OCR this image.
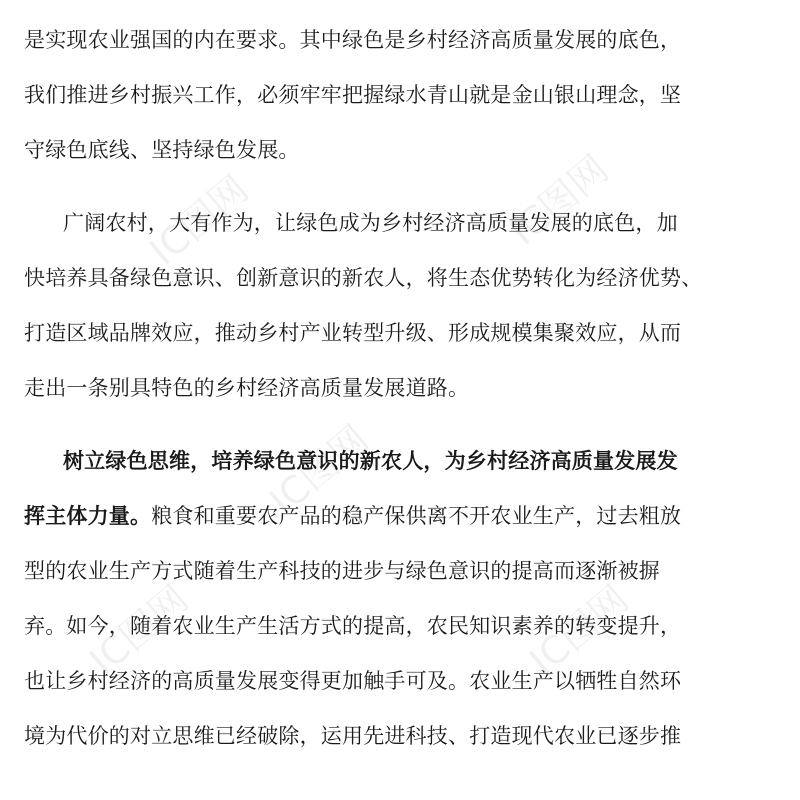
是实现农业强国的内在要求。其中绿色是乡村经济高质量发展的底色，
我们推进乡村振兴工作，必须牢牢把握绿水青山就是金山银山理念，坚
守绿色底线、坚持绿色发展。
广阔农村，大有作为，让绿色成为乡村经济高质量发展的底色，加
快培养具备绿色意识、创新意识的新农人，将生态优势转化为经济优势、
打造区域品牌效应，推动乡村产业转型升级、形成规模集聚效应，从而
走出一条别具特色的乡村经济高质量发展道路。
树立绿色思维，培养绿色意识的新农人，为乡村经济高质量发展发
挥主体力量。粮食和重要农产品的稳产保供离不开农业生产，过去粗放
型的农业生产方式随着生产科技的进步与绿色意识的提高而逐渐被摒
弃。如今，随着农业生产生活方式的提高，农民知识素养的转变提升，
也让乡村经济的高质量发展变得更加触手可及。农业生产以牺牲自然环
境为代价的对立思维已经破除，运用先进科技、打造现代农业已逐步推
IC图网	IC图网
IC图网
IC图网	IC图网
